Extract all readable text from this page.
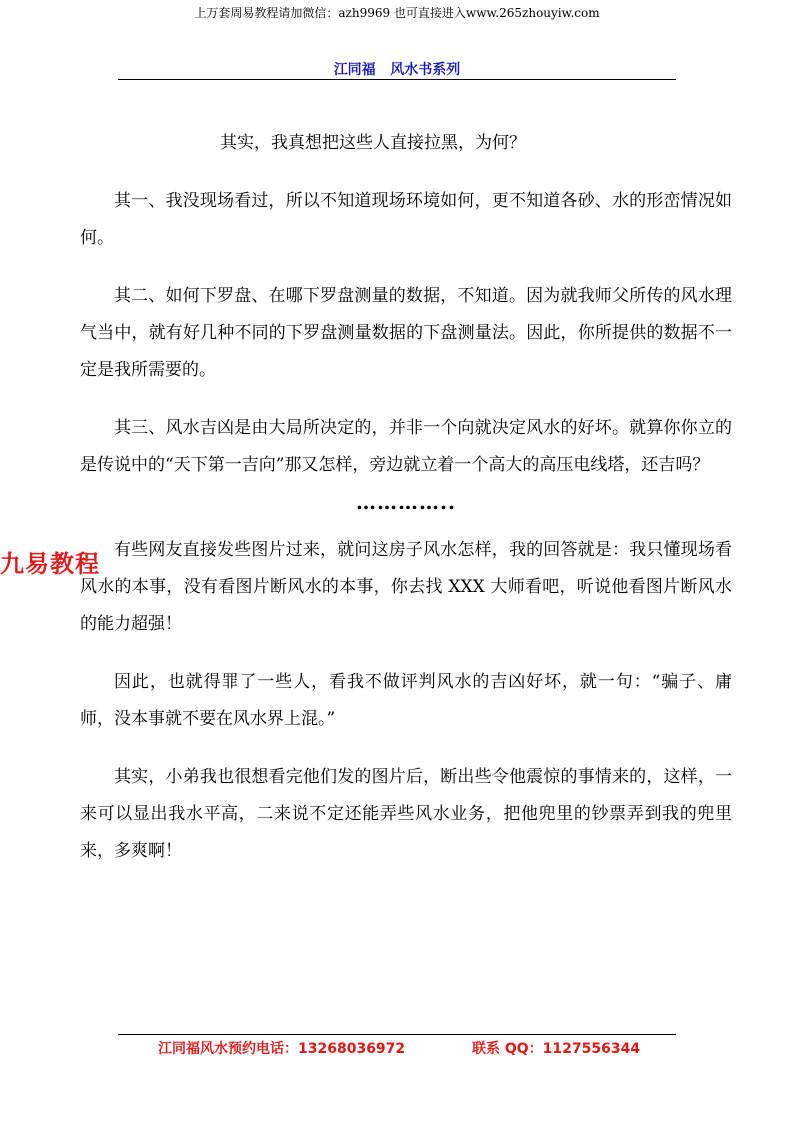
上万套周易教程请加微信：azh9969 也可直接进入www.265zhouyiw.com
江同福   风水书系列

其实，我真想把这些人直接拉黑，为何？

其一、我没现场看过，所以不知道现场环境如何，更不知道各砂、水的形峦情况如何。

其二、如何下罗盘、在哪下罗盘测量的数据，不知道。因为就我师父所传的风水理气当中，就有好几种不同的下罗盘测量数据的下盘测量法。因此，你所提供的数据不一定是我所需要的。

其三、风水吉凶是由大局所决定的，并非一个向就决定风水的好坏。就算你你立的是传说中的“天下第一吉向”那又怎样，旁边就立着一个高大的高压电线塔，还吉吗？

…………..

有些网友直接发些图片过来，就问这房子风水怎样，我的回答就是：我只懂现场看风水的本事，没有看图片断风水的本事，你去找 XXX 大师看吧，听说他看图片断风水的能力超强！

因此，也就得罪了一些人，看我不做评判风水的吉凶好坏，就一句：“骗子、庸师，没本事就不要在风水界上混。”

其实，小弟我也很想看完他们发的图片后，断出些令他震惊的事情来的，这样，一来可以显出我水平高，二来说不定还能弄些风水业务，把他兜里的钞票弄到我的兜里来，多爽啊！

九易教程
江同福风水预约电话：13268036972	联系 QQ：1127556344
